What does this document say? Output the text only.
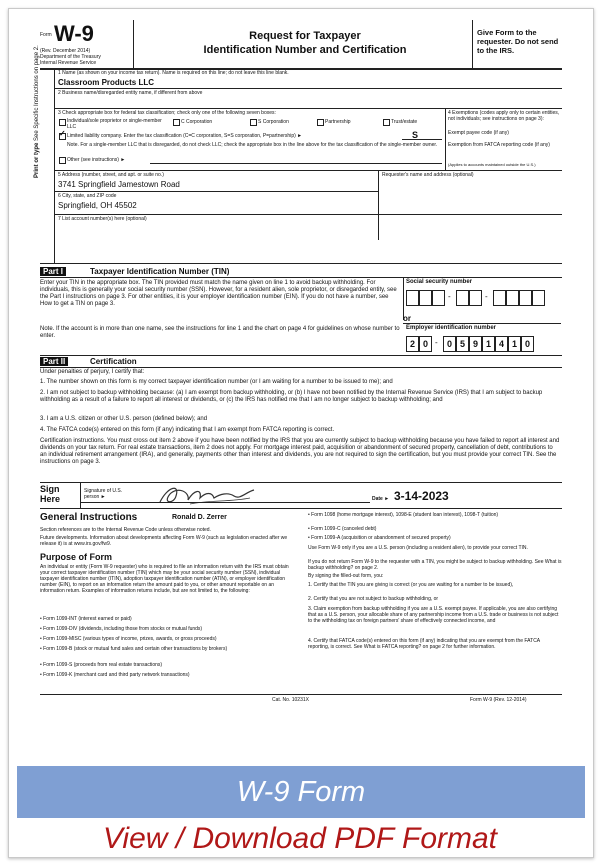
Form W-9
(Rev. December 2014)
Department of the Treasury
Internal Revenue Service
Request for Taxpayer
Identification Number and Certification
Give Form to the requester. Do not send to the IRS.
Print or type See Specific Instructions on page 2.	1 Name (as shown on your income tax return). Name is required on this line; do not leave this line blank.
Classroom Products LLC
2 Business name/disregarded entity name, if different from above
3 Check appropriate box for federal tax classification; check only one of the following seven boxes:
Individual/sole proprietor or single-member LLC
C Corporation	S Corporation	Partnership	Trust/estate
✓ Limited liability company. Enter the tax classification (C=C corporation, S=S corporation, P=partnership) ►	S
Note. For a single-member LLC that is disregarded, do not check LLC; check the appropriate box in the line above for the tax classification of the single-member owner.
Other (see instructions) ►
4 Exemptions (codes apply only to certain entities, not individuals; see instructions on page 3):
Exempt payee code (if any)
Exemption from FATCA reporting code (if any)
(Applies to accounts maintained outside the U.S.)
5 Address (number, street, and apt. or suite no.)
3741 Springfield Jamestown Road
Requester's name and address (optional)
6 City, state, and ZIP code
Springfield, OH 45502
7 List account number(s) here (optional)
Part I	Taxpayer Identification Number (TIN)
Enter your TIN in the appropriate box. The TIN provided must match the name given on line 1 to avoid backup withholding. For individuals, this is generally your social security number (SSN). However, for a resident alien, sole proprietor, or disregarded entity, see the Part I instructions on page 3. For other entities, it is your employer identification number (EIN). If you do not have a number, see How to get a TIN on page 3.
Note. If the account is in more than one name, see the instructions for line 1 and the chart on page 4 for guidelines on whose number to enter.
Social security number
-	-
or
Employer identification number
2 0 -	0 5 9 1 4 1 0
Part II	Certification
Under penalties of perjury, I certify that:
1. The number shown on this form is my correct taxpayer identification number (or I am waiting for a number to be issued to me); and
2. I am not subject to backup withholding because: (a) I am exempt from backup withholding, or (b) I have not been notified by the Internal Revenue Service (IRS) that I am subject to backup withholding as a result of a failure to report all interest or dividends, or (c) the IRS has notified me that I am no longer subject to backup withholding; and
3. I am a U.S. citizen or other U.S. person (defined below); and
4. The FATCA code(s) entered on this form (if any) indicating that I am exempt from FATCA reporting is correct.
Certification instructions. You must cross out item 2 above if you have been notified by the IRS that you are currently subject to backup withholding because you have failed to report all interest and dividends on your tax return. For real estate transactions, item 2 does not apply. For mortgage interest paid, acquisition or abandonment of secured property, cancellation of debt, contributions to an individual retirement arrangement (IRA), and generally, payments other than interest and dividends, you are not required to sign the certification, but you must provide your correct TIN. See the instructions on page 3.
Sign Here
Signature of U.S. person ►	Date ► 3-14-2023
General Instructions	Ronald D. Zerrer
Section references are to the Internal Revenue Code unless otherwise noted.
Future developments. Information about developments affecting Form W-9 (such as legislation enacted after we release it) is at www.irs.gov/fw9.
Purpose of Form
An individual or entity (Form W-9 requester) who is required to file an information return with the IRS must obtain your correct taxpayer identification number (TIN) which may be your social security number (SSN), individual taxpayer identification number (ITIN), adoption taxpayer identification number (ATIN), or employer identification number (EIN), to report on an information return the amount paid to you, or other amount reportable on an information return. Examples of information returns include, but are not limited to, the following:
• Form 1099-INT (interest earned or paid)
• Form 1099-DIV (dividends, including those from stocks or mutual funds)
• Form 1099-MISC (various types of income, prizes, awards, or gross proceeds)
• Form 1099-B (stock or mutual fund sales and certain other transactions by brokers)
• Form 1099-S (proceeds from real estate transactions)
• Form 1099-K (merchant card and third party network transactions)
• Form 1098 (home mortgage interest), 1098-E (student loan interest), 1098-T (tuition)
• Form 1099-C (canceled debt)
• Form 1099-A (acquisition or abandonment of secured property)
Use Form W-9 only if you are a U.S. person (including a resident alien), to provide your correct TIN.
If you do not return Form W-9 to the requester with a TIN, you might be subject to backup withholding. See What is backup withholding? on page 2.
By signing the filled-out form, you:
1. Certify that the TIN you are giving is correct (or you are waiting for a number to be issued),
2. Certify that you are not subject to backup withholding, or
3. Claim exemption from backup withholding if you are a U.S. exempt payee. If applicable, you are also certifying that as a U.S. person, your allocable share of any partnership income from a U.S. trade or business is not subject to the withholding tax on foreign partners' share of effectively connected income, and
4. Certify that FATCA code(s) entered on this form (if any) indicating that you are exempt from the FATCA reporting, is correct. See What is FATCA reporting? on page 2 for further information.
Cat. No. 10231X	Form W-9 (Rev. 12-2014)
W-9 Form
View / Download PDF Format
